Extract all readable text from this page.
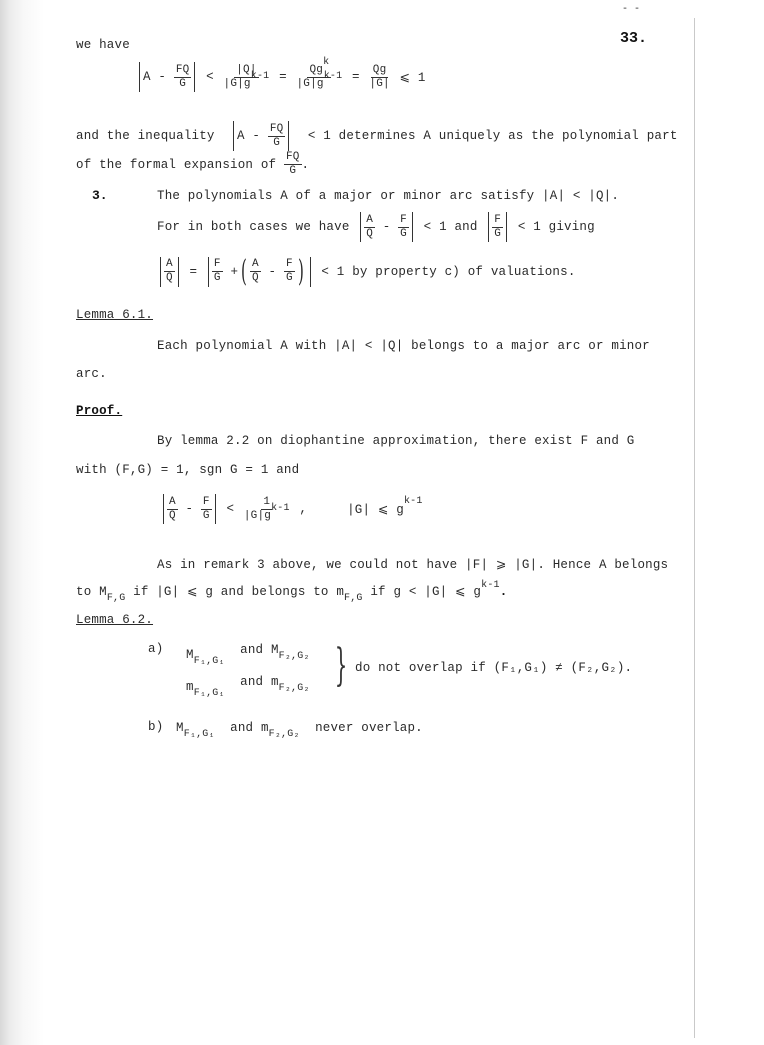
- -
33.
we have
A - $\frac{FQ}{G}$
<
$\frac{|Q|}{|G|gk-1}$
=
$\frac{\text{Qgk}}{|G|gk-1}$
=
$\frac{Qg}{|G|}$
⩽ 1
and the inequality
A - $\frac{FQ}{G}$
< 1 determines A uniquely as the polynomial part
of the formal expansion of
$\frac{FQ}{G}$ .
3.	The polynomials A of a major or minor arc satisfy |A| < |Q|.
For in both cases we have
$\frac{A}{Q} - \frac{F}{G}$
< 1 and
$\frac{F}{G}$
< 1 giving
$\frac{A}{Q}$
=
$\frac{F}{G}$
+ ( $\frac{A}{Q} - \frac{F}{G}$ )
< 1 by property c) of valuations.
Lemma 6.1.
Each polynomial A with |A| < |Q| belongs to a major arc or minor
arc.
Proof.
By lemma 2.2 on diophantine approximation, there exist F and G
with (F,G) = 1, sgn G = 1 and
$\frac{A}{Q} - \frac{F}{G}$
<
$\frac{1}{|G|gk-1}$
,	|G| ⩽ g
k-1
As in remark 3 above, we could not have |F| ⩾ |G|. Hence A belongs
to $M_{F,G}$ if |G| ⩽ g and belongs to $m_{F,G}$ if g < |G| ⩽ $g^{k-1}$.
Lemma 6.2.
a) $M_{F_1,G_1}$  and MF₂,G₂
$m_{F_1,G_1}$  and mF₂,G₂ } do not overlap if (F₁,G₁) ≠ (F₂,G₂).
b) $M_{F_1,G_1}$ and $m_{F_2,G_2}$ never overlap.
